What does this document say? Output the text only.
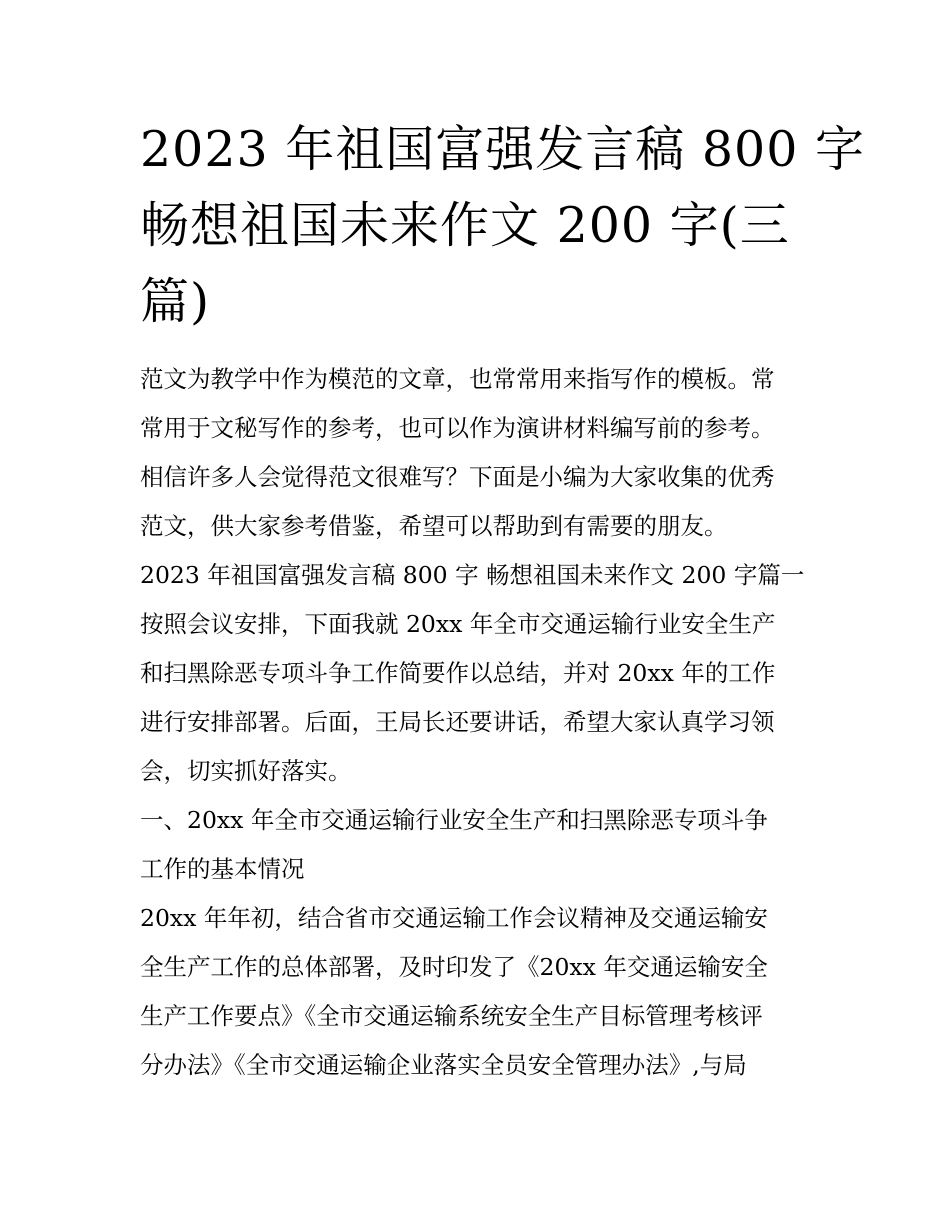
2023 年祖国富强发言稿 800 字
畅想祖国未来作文 200 字(三
篇)
范文为教学中作为模范的文章，也常常用来指写作的模板。常
常用于文秘写作的参考，也可以作为演讲材料编写前的参考。
相信许多人会觉得范文很难写？下面是小编为大家收集的优秀
范文，供大家参考借鉴，希望可以帮助到有需要的朋友。
2023 年祖国富强发言稿 800 字 畅想祖国未来作文 200 字篇一
按照会议安排，下面我就 20xx 年全市交通运输行业安全生产
和扫黑除恶专项斗争工作简要作以总结，并对 20xx 年的工作
进行安排部署。后面，王局长还要讲话，希望大家认真学习领
会，切实抓好落实。
一、20xx 年全市交通运输行业安全生产和扫黑除恶专项斗争
工作的基本情况
20xx 年年初，结合省市交通运输工作会议精神及交通运输安
全生产工作的总体部署，及时印发了《20xx 年交通运输安全
生产工作要点》《全市交通运输系统安全生产目标管理考核评
分办法》《全市交通运输企业落实全员安全管理办法》,与局
